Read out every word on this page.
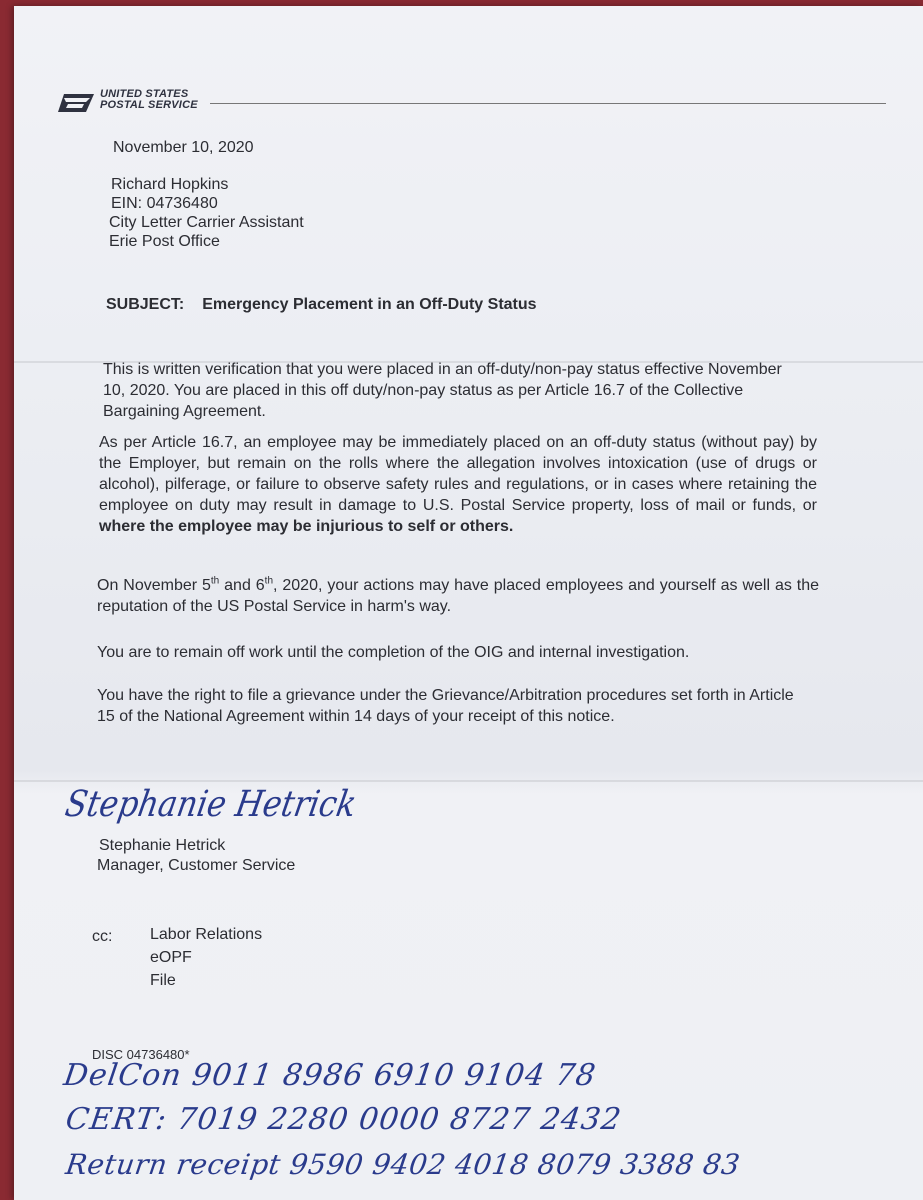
UNITED STATES
POSTAL SERVICE
November 10, 2020
Richard Hopkins
EIN: 04736480
City Letter Carrier Assistant
Erie Post Office
SUBJECT: Emergency Placement in an Off-Duty Status
This is written verification that you were placed in an off-duty/non-pay status effective November 10, 2020. You are placed in this off duty/non-pay status as per Article 16.7 of the Collective Bargaining Agreement.
As per Article 16.7, an employee may be immediately placed on an off-duty status (without pay) by the Employer, but remain on the rolls where the allegation involves intoxication (use of drugs or alcohol), pilferage, or failure to observe safety rules and regulations, or in cases where retaining the employee on duty may result in damage to U.S. Postal Service property, loss of mail or funds, or where the employee may be injurious to self or others.
On November 5th and 6th, 2020, your actions may have placed employees and yourself as well as the reputation of the US Postal Service in harm's way.
You are to remain off work until the completion of the OIG and internal investigation.
You have the right to file a grievance under the Grievance/Arbitration procedures set forth in Article 15 of the National Agreement within 14 days of your receipt of this notice.
Stephanie Hetrick
Stephanie Hetrick
Manager, Customer Service
cc: Labor Relations
eOPF
File
DISC 04736480*
DelCon 9011 8986 6910 9104 78
CERT: 7019 2280 0000 8727 2432
Return receipt 9590 9402 4018 8079 3388 83
